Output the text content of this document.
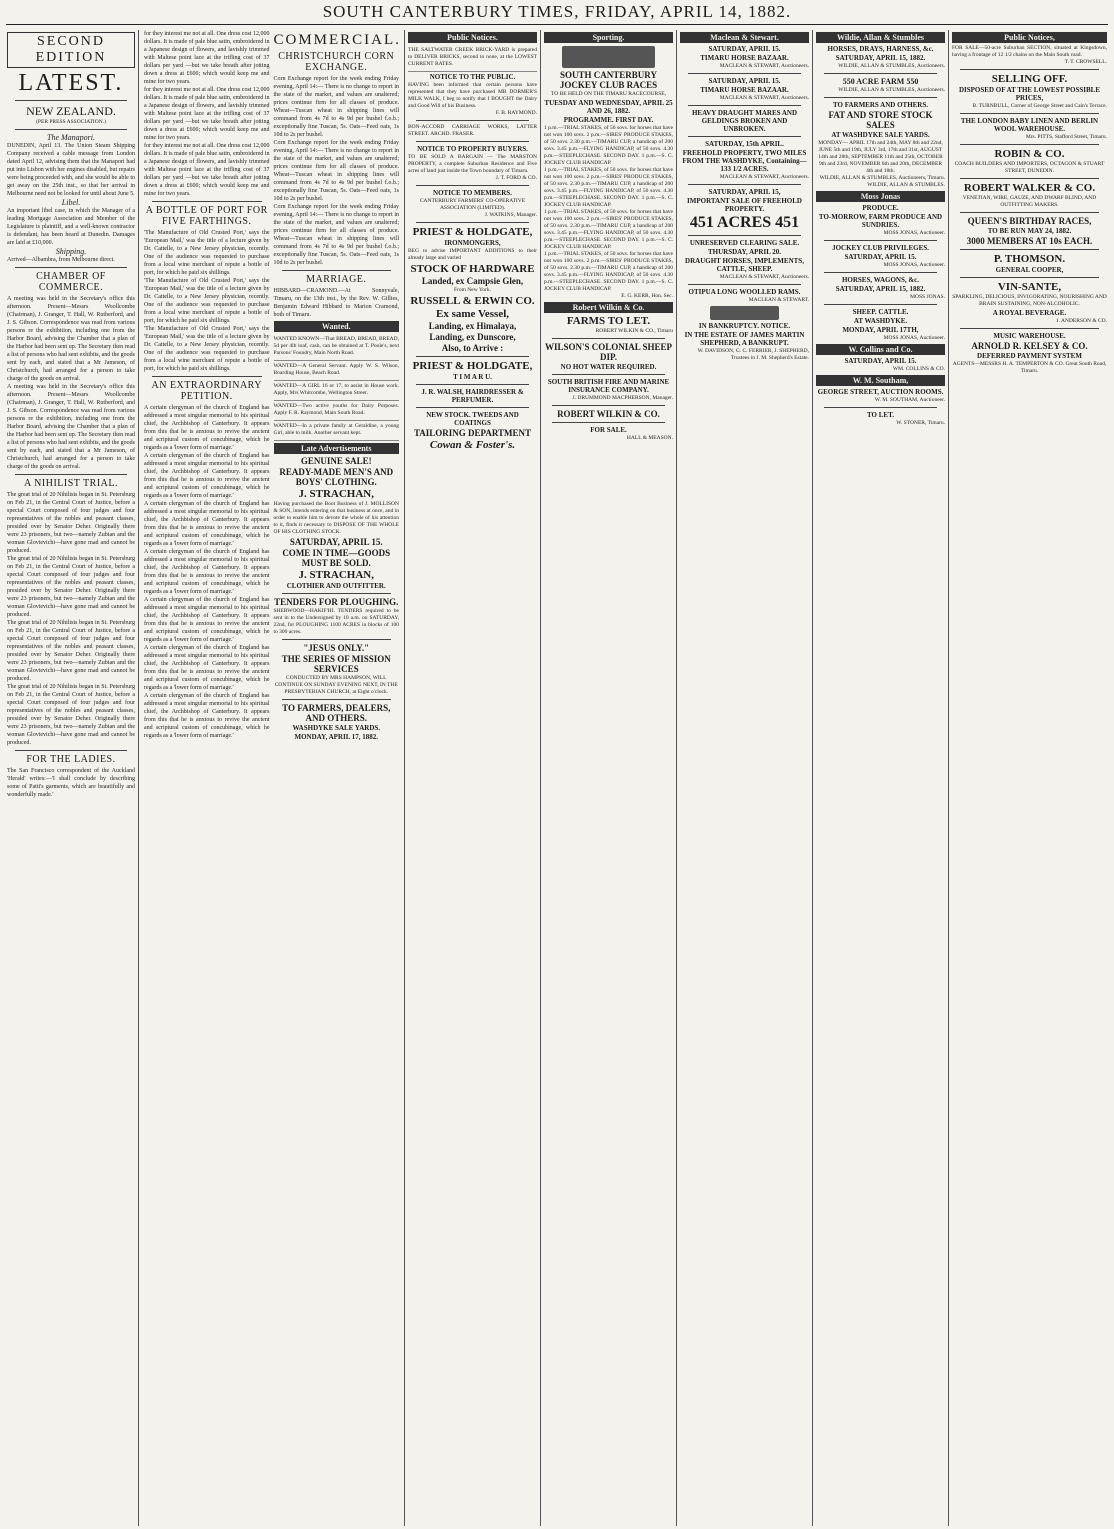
SOUTH CANTERBURY TIMES, FRIDAY, APRIL 14, 1882.
SECOND EDITION
LATEST.
NEW ZEALAND.
(PER PRESS ASSOCIATION.)
The Manapori.
DUNEDIN, April 13. The Union Steam Shipping Company received a cable message from London dated April 12, advising them that the Manapori had put into Lisbon with her engines disabled, but repairs were being proceeded with, and she would be able to get away on the 25th inst., so that her arrival in Melbourne need not be looked for until about June 5.
Libel.
An important libel case, in which the Manager of a leading Mortgage Association and Member of the Legislature is plaintiff, and a well-known contractor is defendant, has been heard at Dunedin. Damages are laid at £10,000.
Shipping.
Arrived—Albambra, from Melbourne direct.
CHAMBER OF COMMERCE.
A meeting was held in the Secretary's office this afternoon. Present—Messrs Woollcombe (Chairman), J. Granger, T. Hall, W. Rutherford, and J. S. Gibson. Correspondence was read from various persons re the exhibition, including one from the Harbor Board, advising the Chamber that a plan of the Harbor had been sent up. The Secretary then read a list of persons who had sent exhibits, and the goods sent by each, and stated that a Mr Jameson, of Christchurch, had arranged for a person to take charge of the goods on arrival.
A meeting was held in the Secretary's office this afternoon. Present—Messrs Woollcombe (Chairman), J. Granger, T. Hall, W. Rutherford, and J. S. Gibson. Correspondence was read from various persons re the exhibition, including one from the Harbor Board, advising the Chamber that a plan of the Harbor had been sent up. The Secretary then read a list of persons who had sent exhibits, and the goods sent by each, and stated that a Mr Jameson, of Christchurch, had arranged for a person to take charge of the goods on arrival.
A NIHILIST TRIAL.
The great trial of 20 Nihilists began in St. Petersburg on Feb 21, in the Central Court of Justice, before a special Court composed of four judges and four representatives of the nobles and peasant classes, presided over by Senator Deher. Originally there were 23 prisoners, but two—namely Zubian and the woman Glovievichi—have gone mad and cannot be produced.
The great trial of 20 Nihilists began in St. Petersburg on Feb 21, in the Central Court of Justice, before a special Court composed of four judges and four representatives of the nobles and peasant classes, presided over by Senator Deher. Originally there were 23 prisoners, but two—namely Zubian and the woman Glovievichi—have gone mad and cannot be produced.
The great trial of 20 Nihilists began in St. Petersburg on Feb 21, in the Central Court of Justice, before a special Court composed of four judges and four representatives of the nobles and peasant classes, presided over by Senator Deher. Originally there were 23 prisoners, but two—namely Zubian and the woman Glovievichi—have gone mad and cannot be produced.
The great trial of 20 Nihilists began in St. Petersburg on Feb 21, in the Central Court of Justice, before a special Court composed of four judges and four representatives of the nobles and peasant classes, presided over by Senator Deher. Originally there were 23 prisoners, but two—namely Zubian and the woman Glovievichi—have gone mad and cannot be produced.
FOR THE LADIES.
The San Francisco correspondent of the Auckland 'Herald' writes:—'I shall conclude by describing some of Patti's garments, which are beautifully and wonderfully made.'
for they interest me not at all. One dress cost 12,000 dollars. It is made of pale blue satin, embroidered in a Japanese design of flowers, and lavishly trimmed with Maltese point lace at the trifling cost of 37 dollars per yard —but we take breath after jotting down a dress at £600; which would keep me and mine for two years.
for they interest me not at all. One dress cost 12,000 dollars. It is made of pale blue satin, embroidered in a Japanese design of flowers, and lavishly trimmed with Maltese point lace at the trifling cost of 37 dollars per yard —but we take breath after jotting down a dress at £600; which would keep me and mine for two years.
for they interest me not at all. One dress cost 12,000 dollars. It is made of pale blue satin, embroidered in a Japanese design of flowers, and lavishly trimmed with Maltese point lace at the trifling cost of 37 dollars per yard —but we take breath after jotting down a dress at £600; which would keep me and mine for two years.
A BOTTLE OF PORT FOR FIVE FARTHINGS.
'The Manufacture of Old Crusted Port,' says the 'European Mail,' was the title of a lecture given by Dr. Cattelle, to a New Jersey physician, recently. One of the audience was requested to purchase from a local wine merchant of repute a bottle of port, for which he paid six shillings.
'The Manufacture of Old Crusted Port,' says the 'European Mail,' was the title of a lecture given by Dr. Cattelle, to a New Jersey physician, recently. One of the audience was requested to purchase from a local wine merchant of repute a bottle of port, for which he paid six shillings.
'The Manufacture of Old Crusted Port,' says the 'European Mail,' was the title of a lecture given by Dr. Cattelle, to a New Jersey physician, recently. One of the audience was requested to purchase from a local wine merchant of repute a bottle of port, for which he paid six shillings.
AN EXTRAORDINARY PETITION.
A certain clergyman of the church of England has addressed a most singular memorial to his spiritual chief, the Archbishop of Canterbury. It appears from this that he is anxious to revive the ancient and scriptural custom of concubinage, which he regards as a 'lower form of marriage.'
A certain clergyman of the church of England has addressed a most singular memorial to his spiritual chief, the Archbishop of Canterbury. It appears from this that he is anxious to revive the ancient and scriptural custom of concubinage, which he regards as a 'lower form of marriage.'
A certain clergyman of the church of England has addressed a most singular memorial to his spiritual chief, the Archbishop of Canterbury. It appears from this that he is anxious to revive the ancient and scriptural custom of concubinage, which he regards as a 'lower form of marriage.'
A certain clergyman of the church of England has addressed a most singular memorial to his spiritual chief, the Archbishop of Canterbury. It appears from this that he is anxious to revive the ancient and scriptural custom of concubinage, which he regards as a 'lower form of marriage.'
A certain clergyman of the church of England has addressed a most singular memorial to his spiritual chief, the Archbishop of Canterbury. It appears from this that he is anxious to revive the ancient and scriptural custom of concubinage, which he regards as a 'lower form of marriage.'
A certain clergyman of the church of England has addressed a most singular memorial to his spiritual chief, the Archbishop of Canterbury. It appears from this that he is anxious to revive the ancient and scriptural custom of concubinage, which he regards as a 'lower form of marriage.'
A certain clergyman of the church of England has addressed a most singular memorial to his spiritual chief, the Archbishop of Canterbury. It appears from this that he is anxious to revive the ancient and scriptural custom of concubinage, which he regards as a 'lower form of marriage.'
COMMERCIAL.
CHRISTCHURCH CORN EXCHANGE.
Corn Exchange report for the week ending Friday evening, April 14:— There is no change to report in the state of the market, and values are unaltered; prices continue firm for all classes of produce. Wheat—Tuscan wheat in shipping lines will command from 4s 7d to 4s 9d per bushel f.o.b.; exceptionally fine Tuscan, 5s. Oats—Feed oats, 1s 10d to 2s per bushel.
Corn Exchange report for the week ending Friday evening, April 14:— There is no change to report in the state of the market, and values are unaltered; prices continue firm for all classes of produce. Wheat—Tuscan wheat in shipping lines will command from 4s 7d to 4s 9d per bushel f.o.b.; exceptionally fine Tuscan, 5s. Oats—Feed oats, 1s 10d to 2s per bushel.
Corn Exchange report for the week ending Friday evening, April 14:— There is no change to report in the state of the market, and values are unaltered; prices continue firm for all classes of produce. Wheat—Tuscan wheat in shipping lines will command from 4s 7d to 4s 9d per bushel f.o.b.; exceptionally fine Tuscan, 5s. Oats—Feed oats, 1s 10d to 2s per bushel.
MARRIAGE.
HIBBARD—CRAMOND.—At Sonnyvale, Timaru, on the 13th inst., by the Rev. W. Gillies, Benjamin Edward Hibbard to Marion Cramond, both of Timaru.
Wanted.
WANTED KNOWN—That BREAD, BREAD, BREAD, 5d per 4lb loaf, cash, can be obtained at T. Poole's, next Parsons' Foundry, Main North Road.
WANTED—A General Servant. Apply W. S. Wilson, Boarding House, Beach Road.
WANTED—A GIRL 16 or 17, to assist in House work. Apply, Mrs Whitcombe, Wellington Street.
WANTED—Two active youths for Dairy Purposes. Apply F. R. Raymond, Main South Road.
WANTED—In a private family at Geraldine, a young Girl, able to milk. Another servant kept.
Late Advertisements
GENUINE SALE!
READY-MADE MEN'S AND BOYS' CLOTHING.
J. STRACHAN,
Having purchased the Boot Business of J. MOLLISON & SON, intends entering on that business at once, and in order to enable him to devote the whole of his attention to it, finds it necessary to DISPOSE OF THE WHOLE OF HIS CLOTHING STOCK.
SATURDAY, APRIL 15.
COME IN TIME—GOODS MUST BE SOLD.
J. STRACHAN,
CLOTHIER AND OUTFITTER.
TENDERS FOR PLOUGHING.
SHERWOOD—HAKIF'HI. TENDERS required to be sent in to the Undersigned by 10 a.m. on SATURDAY, 22nd, for PLOUGHING 1100 ACRES in blocks of 100 to 300 acres.
"JESUS ONLY."
THE SERIES OF MISSION SERVICES
CONDUCTED BY MRS HAMPSON, WILL CONTINUE ON SUNDAY EVENING NEXT, IN THE PRESBYTERIAN CHURCH, at Eight o'clock.
TO FARMERS, DEALERS, AND OTHERS.
WASHDYKE SALE YARDS.
MONDAY, APRIL 17, 1882.
Public Notices.
THE SALTWATER CREEK BRICK-YARD is prepared to DELIVER BRICKS, second to none, at the LOWEST CURRENT RATES.
NOTICE TO THE PUBLIC.
HAVING been informed that certain persons have represented that they have purchased MR DORMER'S MILK WALK, I beg to notify that I BOUGHT the Dairy and Good Will of his Business.
F. B. RAYMOND.
BON-ACCORD CARRIAGE WORKS, LATTER STREET. ARCHD. FRASER.
NOTICE TO PROPERTY BUYERS.
TO BE SOLD A BARGAIN — The MARSTON PROPERTY, a complete Suburban Residence and Five acres of land just inside the Town boundary of Timaru.
J. T. FORD & CO.
NOTICE TO MEMBERS.
CANTERBURY FARMERS' CO-OPERATIVE ASSOCIATION (LIMITED).
J. WATKINS, Manager.
PRIEST & HOLDGATE,
IRONMONGERS,
BEG to advise IMPORTANT ADDITIONS to their already large and varied
STOCK OF HARDWARE
Landed, ex Campsie Glen,
From New York.
RUSSELL & ERWIN CO.
Ex same Vessel,
Landing, ex Himalaya,
Landing, ex Dunscore,
Also, to Arrive :
PRIEST & HOLDGATE,
T I M A R U.
J. R. WALSH, HAIRDRESSER & PERFUMER.
NEW STOCK. TWEEDS AND COATINGS
TAILORING DEPARTMENT
Cowan & Foster's.
Sporting.
SOUTH CANTERBURY JOCKEY CLUB RACES
TO BE HELD ON THE TIMARU RACECOURSE,
TUESDAY AND WEDNESDAY, APRIL 25 AND 26, 1882.
PROGRAMME. FIRST DAY.
1 p.m.—TRIAL STAKES, of 50 sovs. for horses that have not won 100 sovs. 2 p.m.—SIRES' PRODUCE STAKES, of 50 sovs. 2.30 p.m.—TIMARU CUP, a handicap of 200 sovs. 3.45 p.m.—FLYING HANDICAP, of 50 sovs. 4.30 p.m.—STEEPLECHASE. SECOND DAY. 1 p.m.—S. C. JOCKEY CLUB HANDICAP.
1 p.m.—TRIAL STAKES, of 50 sovs. for horses that have not won 100 sovs. 2 p.m.—SIRES' PRODUCE STAKES, of 50 sovs. 2.30 p.m.—TIMARU CUP, a handicap of 200 sovs. 3.45 p.m.—FLYING HANDICAP, of 50 sovs. 4.30 p.m.—STEEPLECHASE. SECOND DAY. 1 p.m.—S. C. JOCKEY CLUB HANDICAP.
1 p.m.—TRIAL STAKES, of 50 sovs. for horses that have not won 100 sovs. 2 p.m.—SIRES' PRODUCE STAKES, of 50 sovs. 2.30 p.m.—TIMARU CUP, a handicap of 200 sovs. 3.45 p.m.—FLYING HANDICAP, of 50 sovs. 4.30 p.m.—STEEPLECHASE. SECOND DAY. 1 p.m.—S. C. JOCKEY CLUB HANDICAP.
1 p.m.—TRIAL STAKES, of 50 sovs. for horses that have not won 100 sovs. 2 p.m.—SIRES' PRODUCE STAKES, of 50 sovs. 2.30 p.m.—TIMARU CUP, a handicap of 200 sovs. 3.45 p.m.—FLYING HANDICAP, of 50 sovs. 4.30 p.m.—STEEPLECHASE. SECOND DAY. 1 p.m.—S. C. JOCKEY CLUB HANDICAP.
E. G. KERR, Hon. Sec.
Robert Wilkin & Co.
FARMS TO LET.
ROBERT WILKIN & CO., Timaru
WILSON'S COLONIAL SHEEP DIP.
NO HOT WATER REQUIRED.
SOUTH BRITISH FIRE AND MARINE INSURANCE COMPANY.
J. DRUMMOND MACPHERSON, Manager.
ROBERT WILKIN & CO.
FOR SALE.
HALL & MEASON.
Maclean & Stewart.
SATURDAY, APRIL 15.
TIMARU HORSE BAZAAR.
MACLEAN & STEWART, Auctioneers.
SATURDAY, APRIL 15.
TIMARU HORSE BAZAAR.
MACLEAN & STEWART, Auctioneers.
HEAVY DRAUGHT MARES AND GELDINGS BROKEN AND UNBROKEN.
SATURDAY, 15th APRIL.
FREEHOLD PROPERTY, TWO MILES FROM THE WASHDYKE, Containing— 133 1/2 ACRES.
MACLEAN & STEWART, Auctioneers.
SATURDAY, APRIL 15,
IMPORTANT SALE OF FREEHOLD PROPERTY.
451 ACRES 451
UNRESERVED CLEARING SALE.
THURSDAY, APRIL 20.
DRAUGHT HORSES, IMPLEMENTS, CATTLE, SHEEP.
MACLEAN & STEWART, Auctioneers.
OTIPUA LONG WOOLLED RAMS.
MACLEAN & STEWART.
IN BANKRUPTCY. NOTICE.
IN THE ESTATE OF JAMES MARTIN SHEPHERD, A BANKRUPT.
W. DAVIDSON, G. C. FERRIER, J. SHEPHERD, Trustees in J. M. Shepherd's Estate.
Wildie, Allan & Stumbles
HORSES, DRAYS, HARNESS, &c.
SATURDAY, APRIL 15, 1882.
WILDIE, ALLAN & STUMBLES, Auctioneers.
550 ACRE FARM 550
WILDIE, ALLAN & STUMBLES, Auctioneers.
TO FARMERS AND OTHERS.
FAT AND STORE STOCK SALES
AT WASHDYKE SALE YARDS.
MONDAY— APRIL 17th and 24th, MAY 8th and 22nd, JUNE 5th and 19th, JULY 3rd, 17th and 31st, AUGUST 14th and 28th, SEPTEMBER 11th and 25th, OCTOBER 9th and 23rd, NOVEMBER 6th and 20th, DECEMBER 4th and 18th.
WILDIE, ALLAN & STUMBLES, Auctioneers, Timaru.
WILDIE, ALLAN & STUMBLES.
Moss Jonas
PRODUCE.
TO-MORROW, FARM PRODUCE AND SUNDRIES.
MOSS JONAS, Auctioneer.
JOCKEY CLUB PRIVILEGES.
SATURDAY, APRIL 15.
MOSS JONAS, Auctioneer.
HORSES, WAGONS, &c.
SATURDAY, APRIL 15, 1882.
MOSS JONAS.
SHEEP. CATTLE.
AT WASHDYKE.
MONDAY, APRIL 17TH,
MOSS JONAS, Auctioneer.
W. Collins and Co.
SATURDAY, APRIL 15.
WM. COLLINS & CO.
W. M. Southam,
GEORGE STREET, AUCTION ROOMS.
W. M. SOUTHAM, Auctioneer.
TO LET.
W. STONER, Timaru.
Public Notices,
FOR SALE—50-acre Suburban SECTION, situated at Kingsdown, having a frontage of 12 1/2 chains on the Main South road.
T. T. CROWSELL.
SELLING OFF.
DISPOSED OF AT THE LOWEST POSSIBLE PRICES,
B. TURNBULL, Corner of George Street and Cain's Terrace.
THE LONDON BABY LINEN AND BERLIN WOOL WAREHOUSE.
Mrs. PITTS, Stafford Street, Timaru.
ROBIN & CO.
COACH BUILDERS AND IMPORTERS, OCTAGON & STUART STREET, DUNEDIN.
ROBERT WALKER & CO.
VENETIAN, WIRE, GAUZE, AND DWARF BLIND, AND OUTFITTING MAKERS.
QUEEN'S BIRTHDAY RACES,
TO BE RUN MAY 24, 1882.
3000 MEMBERS AT 10s EACH.
P. THOMSON.
GENERAL COOPER,
VIN-SANTE,
SPARKLING, DELICIOUS, INVIGORATING, NOURISHING AND BRAIN SUSTAINING, NON-ALCOHOLIC.
A ROYAL BEVERAGE.
J. ANDERSON & CO.
MUSIC WAREHOUSE.
ARNOLD R. KELSEY & CO.
DEFERRED PAYMENT SYSTEM
AGENTS—MESSRS H. A. TEMPERTON & CO. Great South Road, Timaru.
